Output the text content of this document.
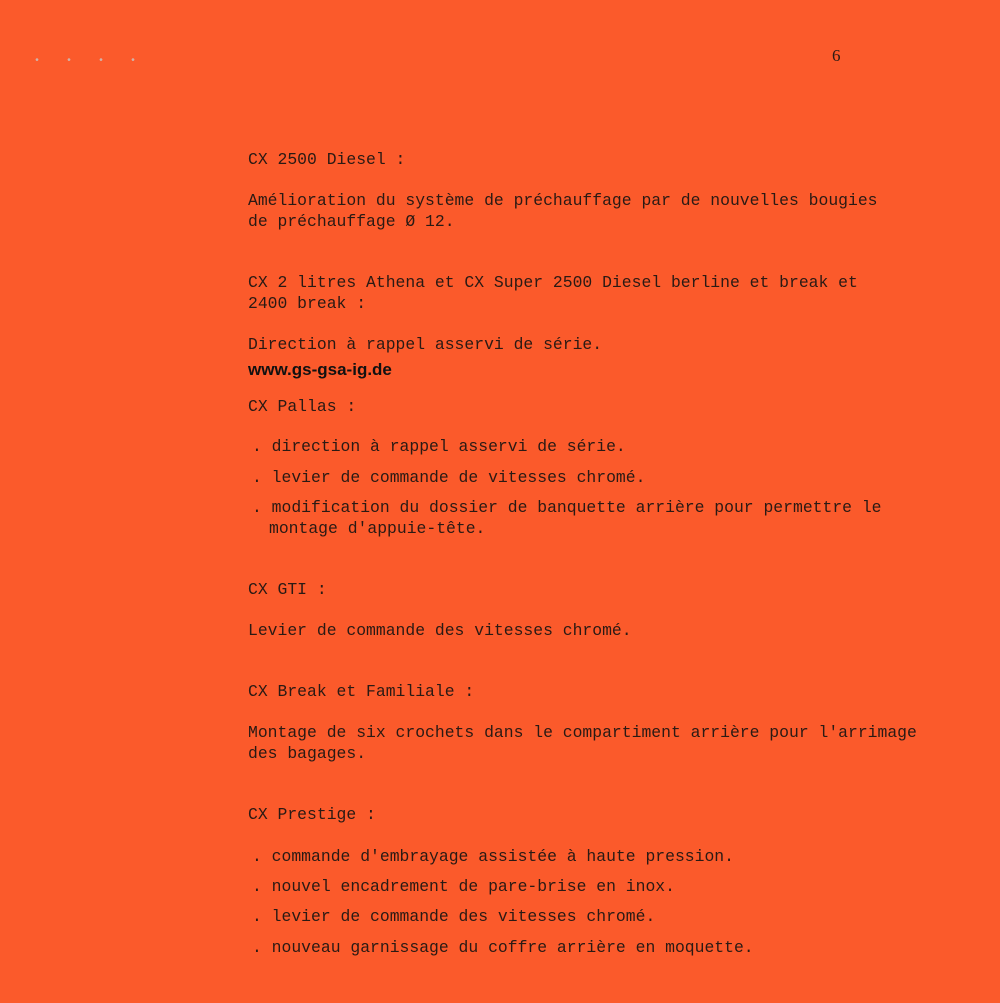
• • • •	6
CX 2500 Diesel :
Amélioration du système de préchauffage par de nouvelles bougies
de préchauffage Ø 12.
CX 2 litres Athena et CX Super 2500 Diesel berline et break et
2400 break :
Direction à rappel asservi de série.
www.gs-gsa-ig.de
CX Pallas :
. direction à rappel asservi de série.
. levier de commande de vitesses chromé.
. modification du dossier de banquette arrière pour permettre le
montage d'appuie-tête.
CX GTI :
Levier de commande des vitesses chromé.
CX Break et Familiale :
Montage de six crochets dans le compartiment arrière pour l'arrimage
des bagages.
CX Prestige :
. commande d'embrayage assistée à haute pression.
. nouvel encadrement de pare-brise en inox.
. levier de commande des vitesses chromé.
. nouveau garnissage du coffre arrière en moquette.
